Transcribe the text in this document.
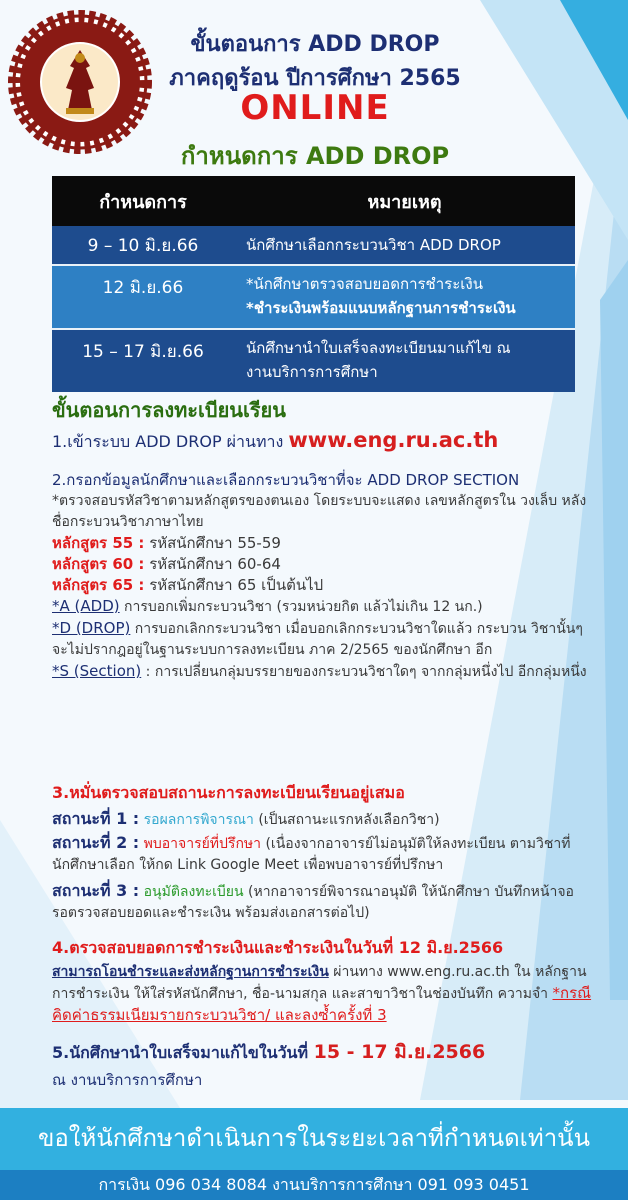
ขั้นตอนการ ADD DROP
ภาคฤดูร้อน ปีการศึกษา 2565
ONLINE
กำหนดการ ADD DROP
กำหนดการ	หมายเหตุ
9 – 10 มิ.ย.66	นักศึกษาเลือกกระบวนวิชา ADD DROP
12 มิ.ย.66	*นักศึกษาตรวจสอบยอดการชำระเงิน
*ชำระเงินพร้อมแนบหลักฐานการชำระเงิน
15 – 17 มิ.ย.66	นักศึกษานำใบเสร็จลงทะเบียนมาแก้ไข ณ
งานบริการการศึกษา
ขั้นตอนการลงทะเบียนเรียน
1.เข้าระบบ ADD DROP ผ่านทาง www.eng.ru.ac.th
2.กรอกข้อมูลนักศึกษาและเลือกกระบวนวิชาที่จะ ADD DROP SECTION
*ตรวจสอบรหัสวิชาตามหลักสูตรของตนเอง โดยระบบจะแสดง เลขหลักสูตรใน วงเล็บ หลังชื่อกระบวนวิชาภาษาไทย
หลักสูตร 55 : รหัสนักศึกษา 55-59
หลักสูตร 60 : รหัสนักศึกษา 60-64
หลักสูตร 65 : รหัสนักศึกษา 65 เป็นต้นไป
*A (ADD) การบอกเพิ่มกระบวนวิชา (รวมหน่วยกิต แล้วไม่เกิน 12 นก.)
*D (DROP) การบอกเลิกกระบวนวิชา เมื่อบอกเลิกกระบวนวิชาใดแล้ว กระบวน วิชานั้นๆ จะไม่ปรากฎอยู่ในฐานระบบการลงทะเบียน ภาค 2/2565 ของนักศึกษา อีก
*S (Section) : การเปลี่ยนกลุ่มบรรยายของกระบวนวิชาใดๆ จากกลุ่มหนึ่งไป อีกกลุ่มหนึ่ง
3.หมั่นตรวจสอบสถานะการลงทะเบียนเรียนอยู่เสมอ
สถานะที่ 1 : รอผลการพิจารณา (เป็นสถานะแรกหลังเลือกวิชา)
สถานะที่ 2 : พบอาจารย์ที่ปรึกษา (เนื่องจากอาจารย์ไม่อนุมัติให้ลงทะเบียน ตามวิชาที่นักศึกษาเลือก ให้กด Link Google Meet เพื่อพบอาจารย์ที่ปรึกษา
สถานะที่ 3 : อนุมัติลงทะเบียน (หากอาจารย์พิจารณาอนุมัติ ให้นักศึกษา บันทึกหน้าจอ รอตรวจสอบยอดและชำระเงิน พร้อมส่งเอกสารต่อไป)
4.ตรวจสอบยอดการชำระเงินและชำระเงินในวันที่ 12 มิ.ย.2566
สามารถโอนชำระและส่งหลักฐานการชำระเงิน ผ่านทาง www.eng.ru.ac.th ใน หลักฐานการชำระเงิน ให้ใส่รหัสนักศึกษา, ชื่อ-นามสกุล และสาขาวิชาในช่องบันทึก ความจำ *กรณีคิดค่าธรรมเนียมรายกระบวนวิชา/ และลงซ้ำครั้งที่ 3
5.นักศึกษานำใบเสร็จมาแก้ไขในวันที่ 15 - 17 มิ.ย.2566
ณ งานบริการการศึกษา
ขอให้นักศึกษาดำเนินการในระยะเวลาที่กำหนดเท่านั้น
การเงิน 096 034 8084 งานบริการการศึกษา 091 093 0451
